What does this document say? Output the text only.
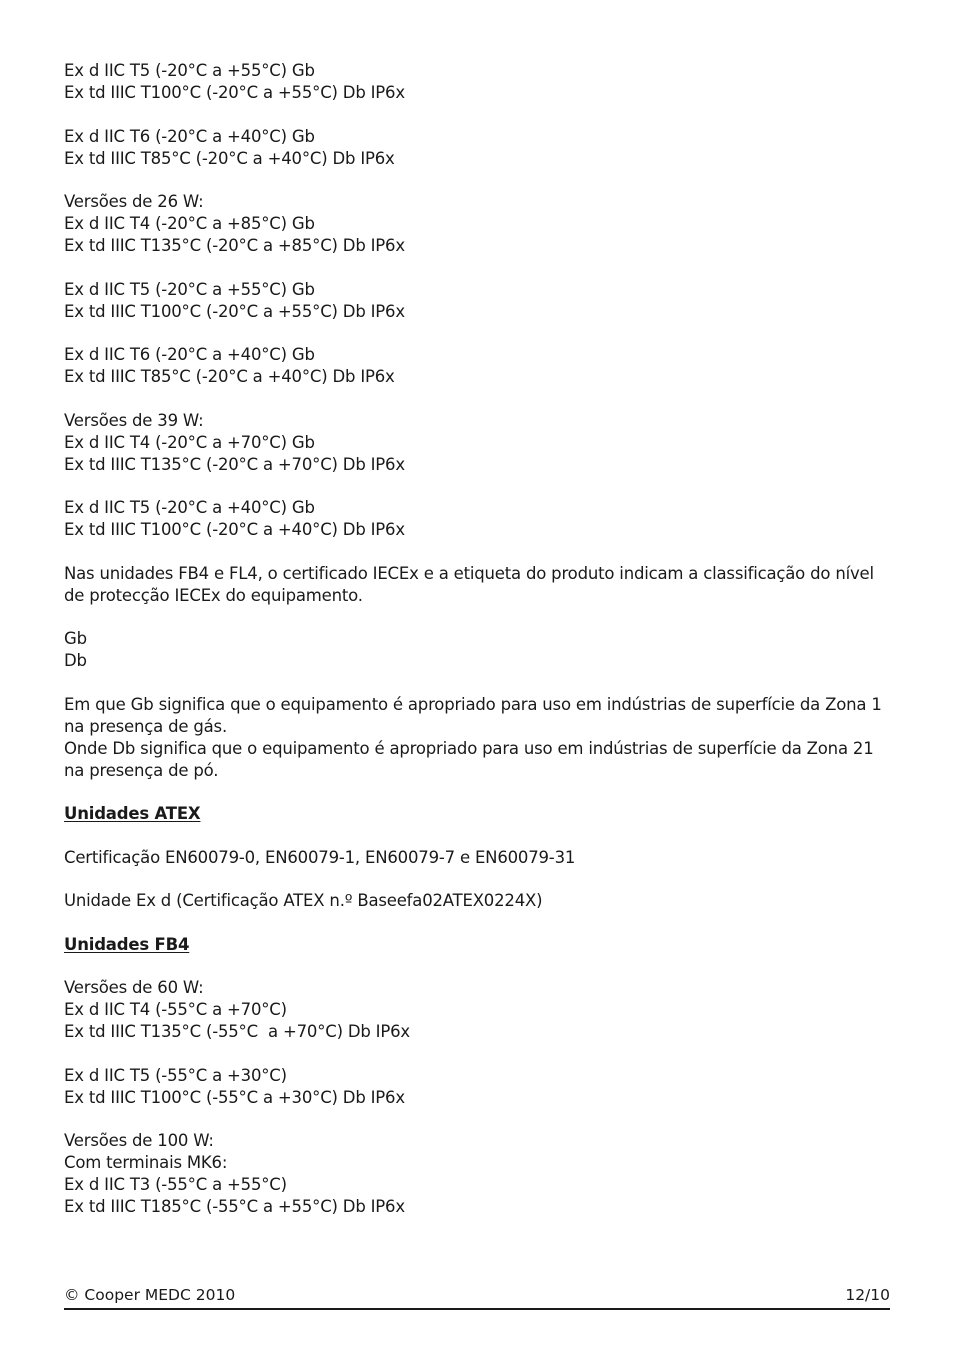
Ex d IIC T5 (-20°C a +55°C) Gb
Ex td IIIC T100°C (-20°C a +55°C) Db IP6x
Ex d IIC T6 (-20°C a +40°C) Gb
Ex td IIIC T85°C (-20°C a +40°C) Db IP6x
Versões de 26 W:
Ex d IIC T4 (-20°C a +85°C) Gb
Ex td IIIC T135°C (-20°C a +85°C) Db IP6x
Ex d IIC T5 (-20°C a +55°C) Gb
Ex td IIIC T100°C (-20°C a +55°C) Db IP6x
Ex d IIC T6 (-20°C a +40°C) Gb
Ex td IIIC T85°C (-20°C a +40°C) Db IP6x
Versões de 39 W:
Ex d IIC T4 (-20°C a +70°C) Gb
Ex td IIIC T135°C (-20°C a +70°C) Db IP6x
Ex d IIC T5 (-20°C a +40°C) Gb
Ex td IIIC T100°C (-20°C a +40°C) Db IP6x
Nas unidades FB4 e FL4, o certificado IECEx e a etiqueta do produto indicam a classificação do nível de protecção IECEx do equipamento.
Gb
Db
Em que Gb significa que o equipamento é apropriado para uso em indústrias de superfície da Zona 1 na presença de gás.
Onde Db significa que o equipamento é apropriado para uso em indústrias de superfície da Zona 21 na presença de pó.
Unidades ATEX
Certificação EN60079-0, EN60079-1, EN60079-7 e EN60079-31
Unidade Ex d (Certificação ATEX n.º Baseefa02ATEX0224X)
Unidades FB4
Versões de 60 W:
Ex d IIC T4 (-55°C a +70°C)
Ex td IIIC T135°C (-55°C  a +70°C) Db IP6x
Ex d IIC T5 (-55°C a +30°C)
Ex td IIIC T100°C (-55°C a +30°C) Db IP6x
Versões de 100 W:
Com terminais MK6:
Ex d IIC T3 (-55°C a +55°C)
Ex td IIIC T185°C (-55°C a +55°C) Db IP6x
© Cooper MEDC 2010	12/10
